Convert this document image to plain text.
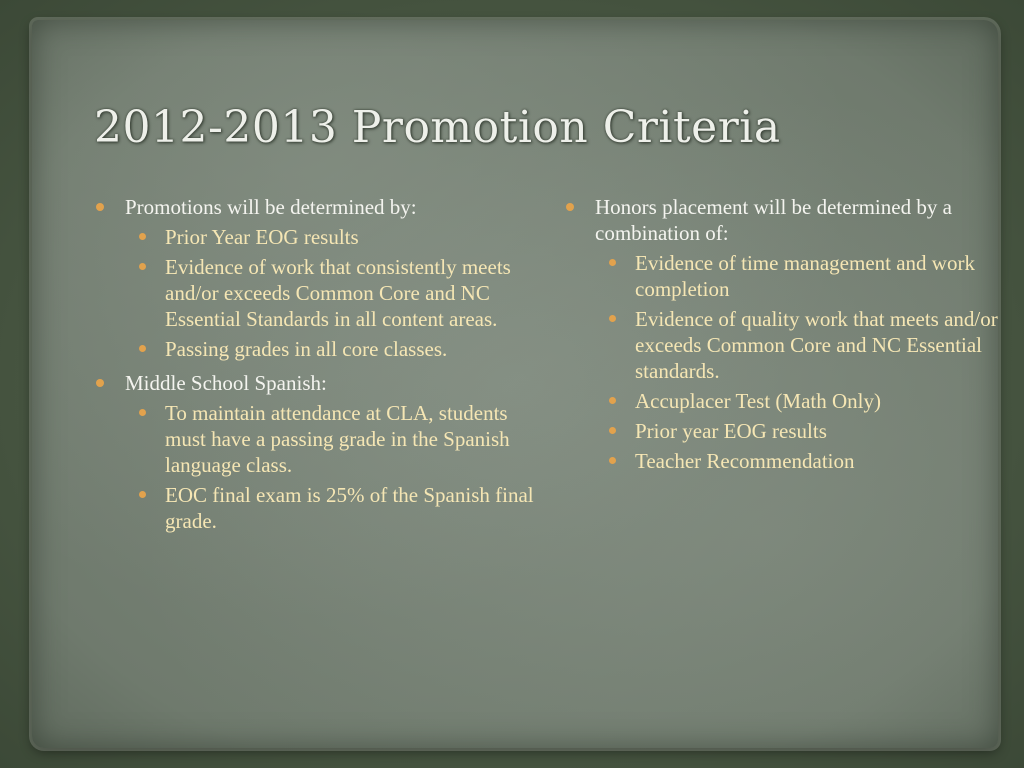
2012-2013 Promotion Criteria
Promotions will be determined by:
Prior Year EOG results
Evidence of work that consistently meets and/or exceeds Common Core and NC Essential Standards in all content areas.
Passing grades in all core classes.
Middle School Spanish:
To maintain attendance at CLA, students must have a passing grade in the Spanish language class.
EOC final exam is 25% of the Spanish final grade.
Honors placement will be determined by a combination of:
Evidence of time management and work completion
Evidence of quality work that meets and/or exceeds Common Core and NC Essential standards.
Accuplacer Test (Math Only)
Prior year EOG results
Teacher Recommendation
